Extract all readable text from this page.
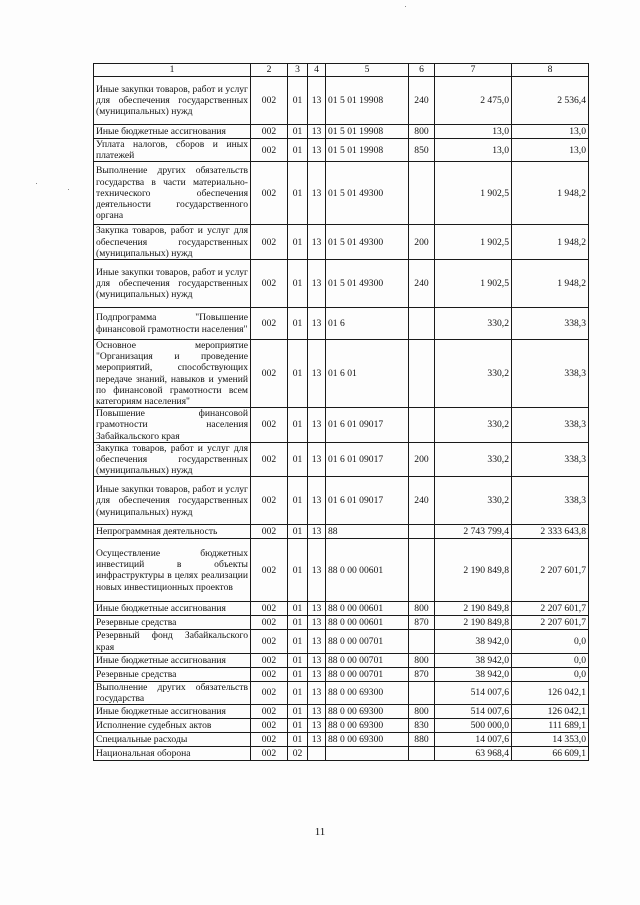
1	2	3	4	5	6	7	8
Иные закупки товаров, работ и услуг для обеспечения государственных (муниципальных) нужд	002	01	13	01 5 01 19908	240	2 475,0	2 536,4
Иные бюджетные ассигнования	002	01	13	01 5 01 19908	800	13,0	13,0
Уплата налогов, сборов и иных платежей	002	01	13	01 5 01 19908	850	13,0	13,0
Выполнение других обязательств государства в части материально-технического обеспечения деятельности государственного органа	002	01	13	01 5 01 49300		1 902,5	1 948,2
Закупка товаров, работ и услуг для обеспечения государственных (муниципальных) нужд	002	01	13	01 5 01 49300	200	1 902,5	1 948,2
Иные закупки товаров, работ и услуг для обеспечения государственных (муниципальных) нужд	002	01	13	01 5 01 49300	240	1 902,5	1 948,2
Подпрограмма "Повышение финансовой грамотности населения"	002	01	13	01 6		330,2	338,3
Основное мероприятие "Организация и проведение мероприятий, способствующих передаче знаний, навыков и умений по финансовой грамотности всем категориям населения"	002	01	13	01 6 01		330,2	338,3
Повышение финансовой грамотности населения Забайкальского края	002	01	13	01 6 01 09017		330,2	338,3
Закупка товаров, работ и услуг для обеспечения государственных (муниципальных) нужд	002	01	13	01 6 01 09017	200	330,2	338,3
Иные закупки товаров, работ и услуг для обеспечения государственных (муниципальных) нужд	002	01	13	01 6 01 09017	240	330,2	338,3
Непрограммная деятельность	002	01	13	88		2 743 799,4	2 333 643,8
Осуществление бюджетных инвестиций в объекты инфраструктуры в целях реализации новых инвестиционных проектов	002	01	13	88 0 00 00601		2 190 849,8	2 207 601,7
Иные бюджетные ассигнования	002	01	13	88 0 00 00601	800	2 190 849,8	2 207 601,7
Резервные средства	002	01	13	88 0 00 00601	870	2 190 849,8	2 207 601,7
Резервный фонд Забайкальского края	002	01	13	88 0 00 00701		38 942,0	0,0
Иные бюджетные ассигнования	002	01	13	88 0 00 00701	800	38 942,0	0,0
Резервные средства	002	01	13	88 0 00 00701	870	38 942,0	0,0
Выполнение других обязательств государства	002	01	13	88 0 00 69300		514 007,6	126 042,1
Иные бюджетные ассигнования	002	01	13	88 0 00 69300	800	514 007,6	126 042,1
Исполнение судебных актов	002	01	13	88 0 00 69300	830	500 000,0	111 689,1
Специальные расходы	002	01	13	88 0 00 69300	880	14 007,6	14 353,0
Национальная оборона	002	02				63 968,4	66 609,1
11
